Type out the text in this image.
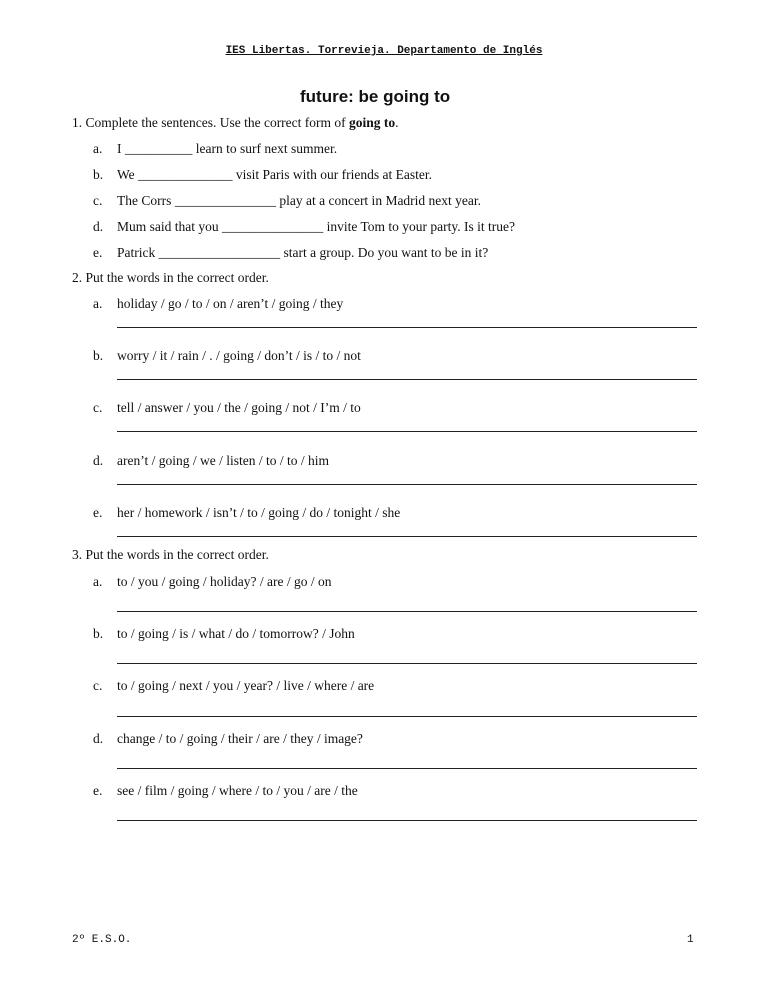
IES Libertas. Torrevieja. Departamento de Inglés
future: be going to
1. Complete the sentences. Use the correct form of going to.
a. I __________ learn to surf next summer.
b. We ______________ visit Paris with our friends at Easter.
c. The Corrs _______________ play at a concert in Madrid next year.
d. Mum said that you _______________ invite Tom to your party. Is it true?
e. Patrick __________________ start a group. Do you want to be in it?
2. Put the words in the correct order.
a. holiday / go / to / on / aren’t / going / they
b. worry / it / rain / . / going / don’t / is / to / not
c. tell / answer / you / the / going / not / I’m / to
d. aren’t / going / we / listen / to / to / him
e. her / homework / isn’t / to / going / do / tonight / she
3. Put the words in the correct order.
a. to / you / going / holiday? / are / go / on
b. to / going / is / what / do / tomorrow? / John
c. to / going / next / you / year? / live / where / are
d. change / to / going / their / are / they / image?
e. see / film / going / where / to / you / are / the
2º E.S.O.	1
